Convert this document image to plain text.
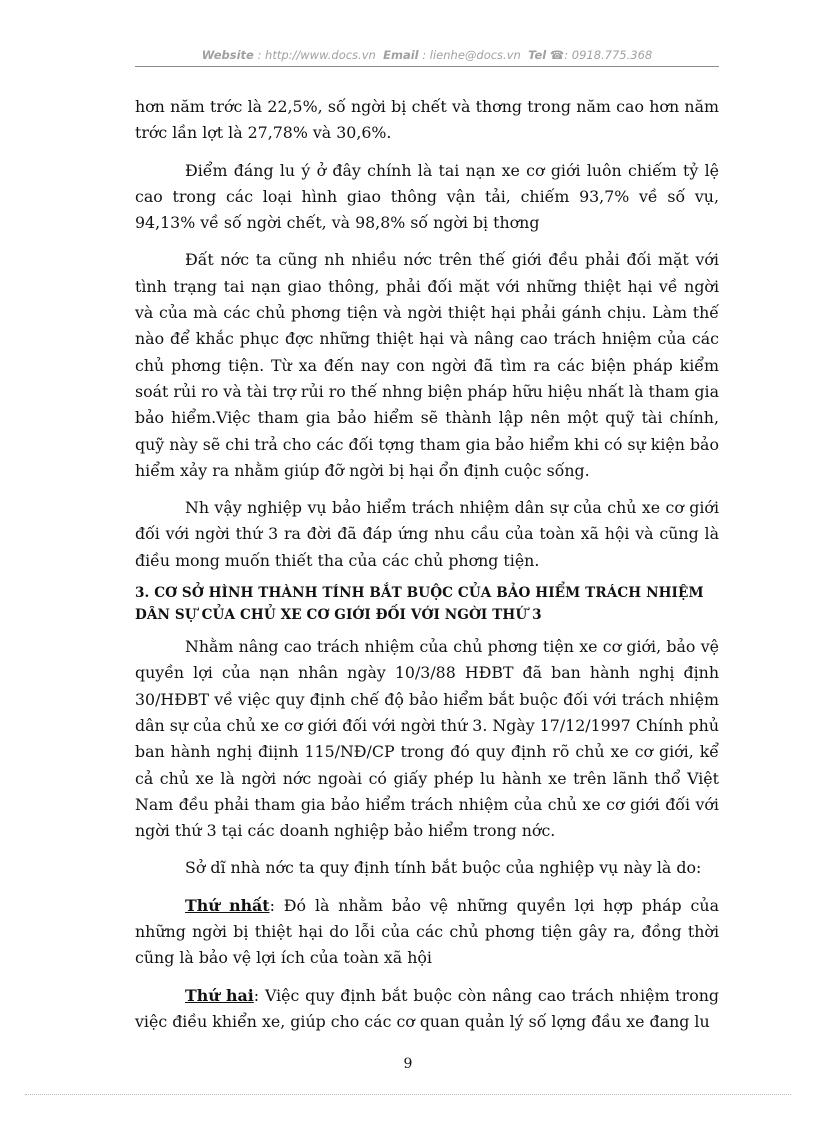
Website : http://www.docs.vn Email : lienhe@docs.vn Tel ☎: 0918.775.368

hơn năm trớc là 22,5%, số ngời bị chết và thơng trong năm cao hơn năm trớc lần lợt là 27,78% và 30,6%.

Điểm đáng lu ý ở đây chính là tai nạn xe cơ giới luôn chiếm tỷ lệ cao trong các loại hình giao thông vận tải, chiếm 93,7% về số vụ, 94,13% về số ngời chết, và 98,8% số ngời bị thơng

Đất nớc ta cũng nh nhiều nớc trên thế giới đều phải đối mặt với tình trạng tai nạn giao thông, phải đối mặt với những thiệt hại về ngời và của mà các chủ phơng tiện và ngời thiệt hại phải gánh chịu. Làm thế nào để khắc phục đợc những thiệt hại và nâng cao trách hniệm của các chủ phơng tiện. Từ xa đến nay con ngời đã tìm ra các biện pháp kiểm soát rủi ro và tài trợ rủi ro thế nhng biện pháp hữu hiệu nhất là tham gia bảo hiểm.Việc tham gia bảo hiểm sẽ thành lập nên một quỹ tài chính, quỹ này sẽ chi trả cho các đối tợng tham gia bảo hiểm khi có sự kiện bảo hiểm xảy ra nhằm giúp đỡ ngời bị hại ổn định cuộc sống.

Nh vậy nghiệp vụ bảo hiểm trách nhiệm dân sự của chủ xe cơ giới đối với ngời thứ 3 ra đời đã đáp ứng nhu cầu của toàn xã hội và cũng là điều mong muốn thiết tha của các chủ phơng tiện.

3. CƠ SỞ HÌNH THÀNH TÍNH BẮT BUỘC CỦA BẢO HIỂM TRÁCH NHIỆM DÂN SỰ CỦA CHỦ XE CƠ GIỚI ĐỐI VỚI NGỜI THỨ 3

Nhằm nâng cao trách nhiệm của chủ phơng tiện xe cơ giới, bảo vệ quyền lợi của nạn nhân ngày 10/3/88 HĐBT đã ban hành nghị định 30/HĐBT về việc quy định chế độ bảo hiểm bắt buộc đối với trách nhiệm dân sự của chủ xe cơ giới đối với ngời thứ 3. Ngày 17/12/1997 Chính phủ ban hành nghị điịnh 115/NĐ/CP trong đó quy định rõ chủ xe cơ giới, kể cả chủ xe là ngời nớc ngoài có giấy phép lu hành xe trên lãnh thổ Việt Nam đều phải tham gia bảo hiểm trách nhiệm của chủ xe cơ giới đối với ngời thứ 3 tại các doanh nghiệp bảo hiểm trong nớc.

Sở dĩ nhà nớc ta quy định tính bắt buộc của nghiệp vụ này là do:

Thứ nhất: Đó là nhằm bảo vệ những quyền lợi hợp pháp của những ngời bị thiệt hại do lỗi của các chủ phơng tiện gây ra, đồng thời cũng là bảo vệ lợi ích của toàn xã hội

Thứ hai: Việc quy định bắt buộc còn nâng cao trách nhiệm trong việc điều khiển xe, giúp cho các cơ quan quản lý số lợng đầu xe đang lu

9
